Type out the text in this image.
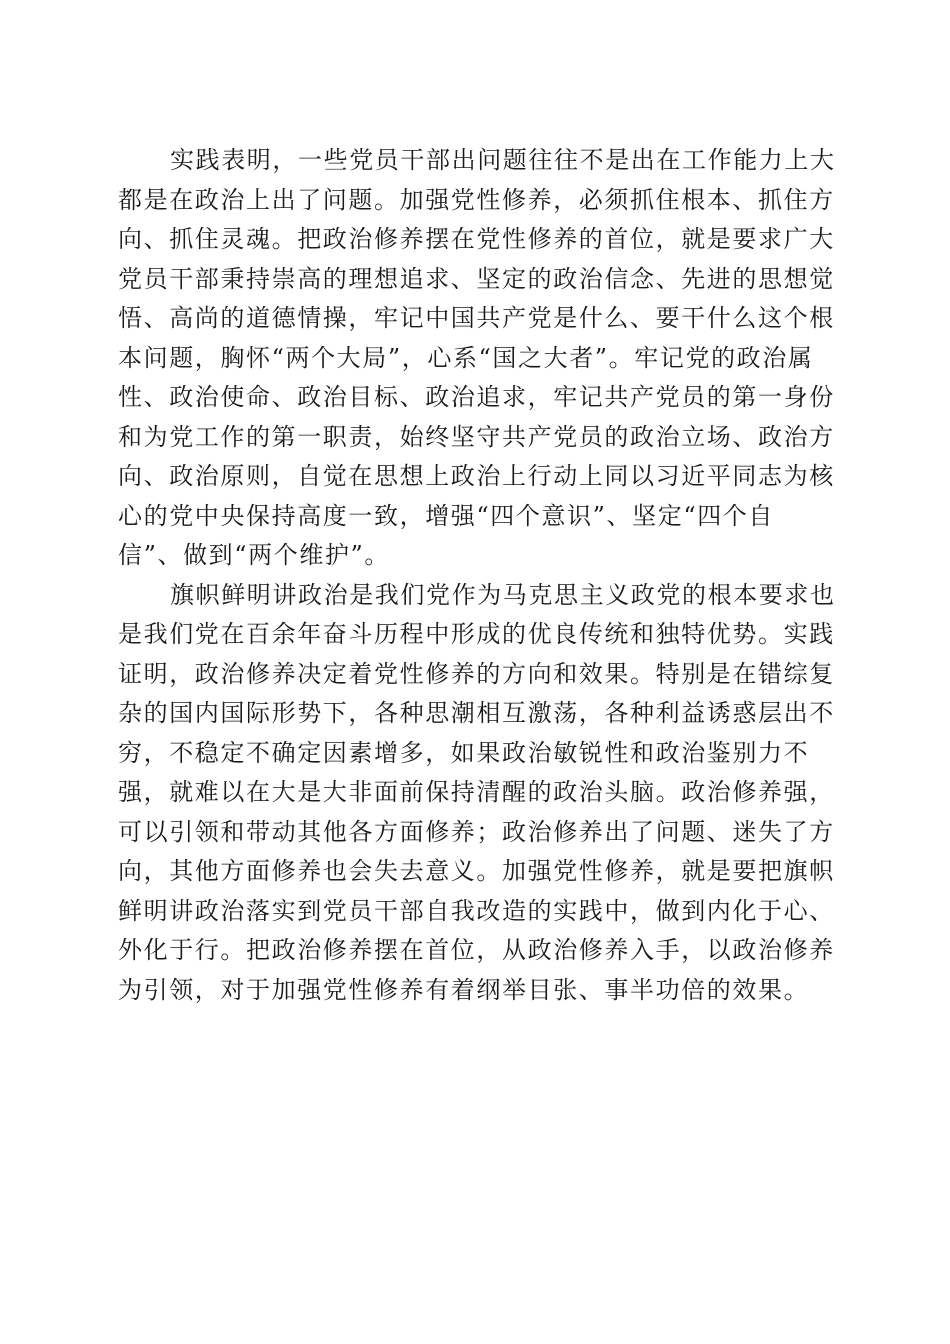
实践表明，一些党员干部出问题往往不是出在工作能力上大都是在政治上出了问题。加强党性修养，必须抓住根本、抓住方向、抓住灵魂。把政治修养摆在党性修养的首位，就是要求广大党员干部秉持崇高的理想追求、坚定的政治信念、先进的思想觉悟、高尚的道德情操，牢记中国共产党是什么、要干什么这个根本问题，胸怀“两个大局”，心系“国之大者”。牢记党的政治属性、政治使命、政治目标、政治追求，牢记共产党员的第一身份和为党工作的第一职责，始终坚守共产党员的政治立场、政治方向、政治原则，自觉在思想上政治上行动上同以习近平同志为核心的党中央保持高度一致，增强“四个意识”、坚定“四个自信”、做到“两个维护”。

旗帜鲜明讲政治是我们党作为马克思主义政党的根本要求也是我们党在百余年奋斗历程中形成的优良传统和独特优势。实践证明，政治修养决定着党性修养的方向和效果。特别是在错综复杂的国内国际形势下，各种思潮相互激荡，各种利益诱惑层出不穷，不稳定不确定因素增多，如果政治敏锐性和政治鉴别力不强，就难以在大是大非面前保持清醒的政治头脑。政治修养强，可以引领和带动其他各方面修养；政治修养出了问题、迷失了方向，其他方面修养也会失去意义。加强党性修养，就是要把旗帜鲜明讲政治落实到党员干部自我改造的实践中，做到内化于心、外化于行。把政治修养摆在首位，从政治修养入手，以政治修养为引领，对于加强党性修养有着纲举目张、事半功倍的效果。
